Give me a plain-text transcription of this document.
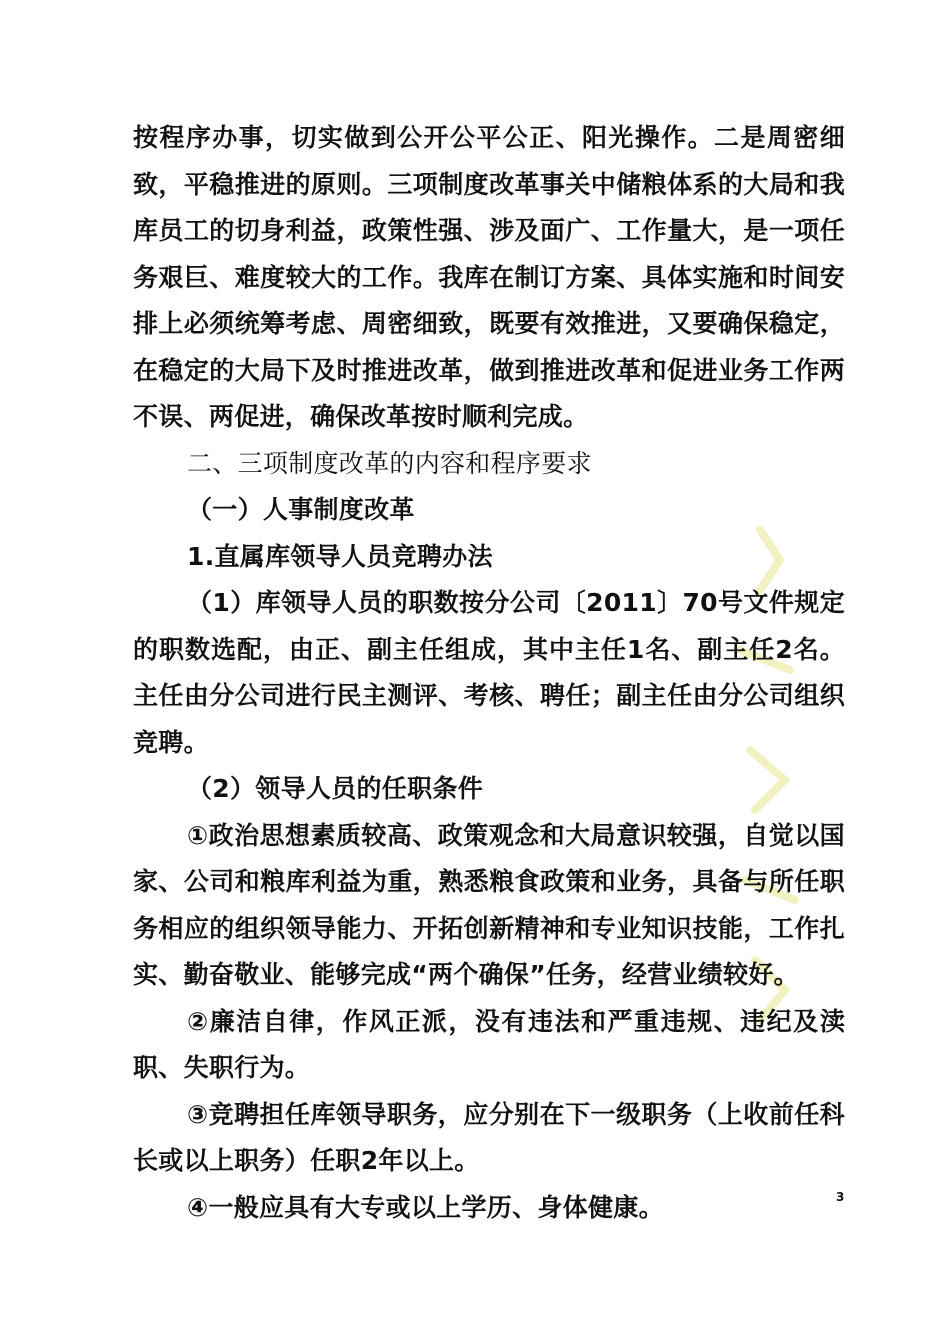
按程序办事，切实做到公开公平公正、阳光操作。二是周密细致，平稳推进的原则。三项制度改革事关中储粮体系的大局和我库员工的切身利益，政策性强、涉及面广、工作量大，是一项任务艰巨、难度较大的工作。我库在制订方案、具体实施和时间安排上必须统筹考虑、周密细致，既要有效推进，又要确保稳定，在稳定的大局下及时推进改革，做到推进改革和促进业务工作两不误、两促进，确保改革按时顺利完成。

二、三项制度改革的内容和程序要求

（一）人事制度改革

1.直属库领导人员竞聘办法

（1）库领导人员的职数按分公司〔2011〕70号文件规定的职数选配，由正、副主任组成，其中主任1名、副主任2名。主任由分公司进行民主测评、考核、聘任；副主任由分公司组织竞聘。

（2）领导人员的任职条件

①政治思想素质较高、政策观念和大局意识较强，自觉以国家、公司和粮库利益为重，熟悉粮食政策和业务，具备与所任职务相应的组织领导能力、开拓创新精神和专业知识技能，工作扎实、勤奋敬业、能够完成“两个确保”任务，经营业绩较好。

②廉洁自律，作风正派，没有违法和严重违规、违纪及渎职、失职行为。

③竞聘担任库领导职务，应分别在下一级职务（上收前任科长或以上职务）任职2年以上。

④一般应具有大专或以上学历、身体健康。	3
